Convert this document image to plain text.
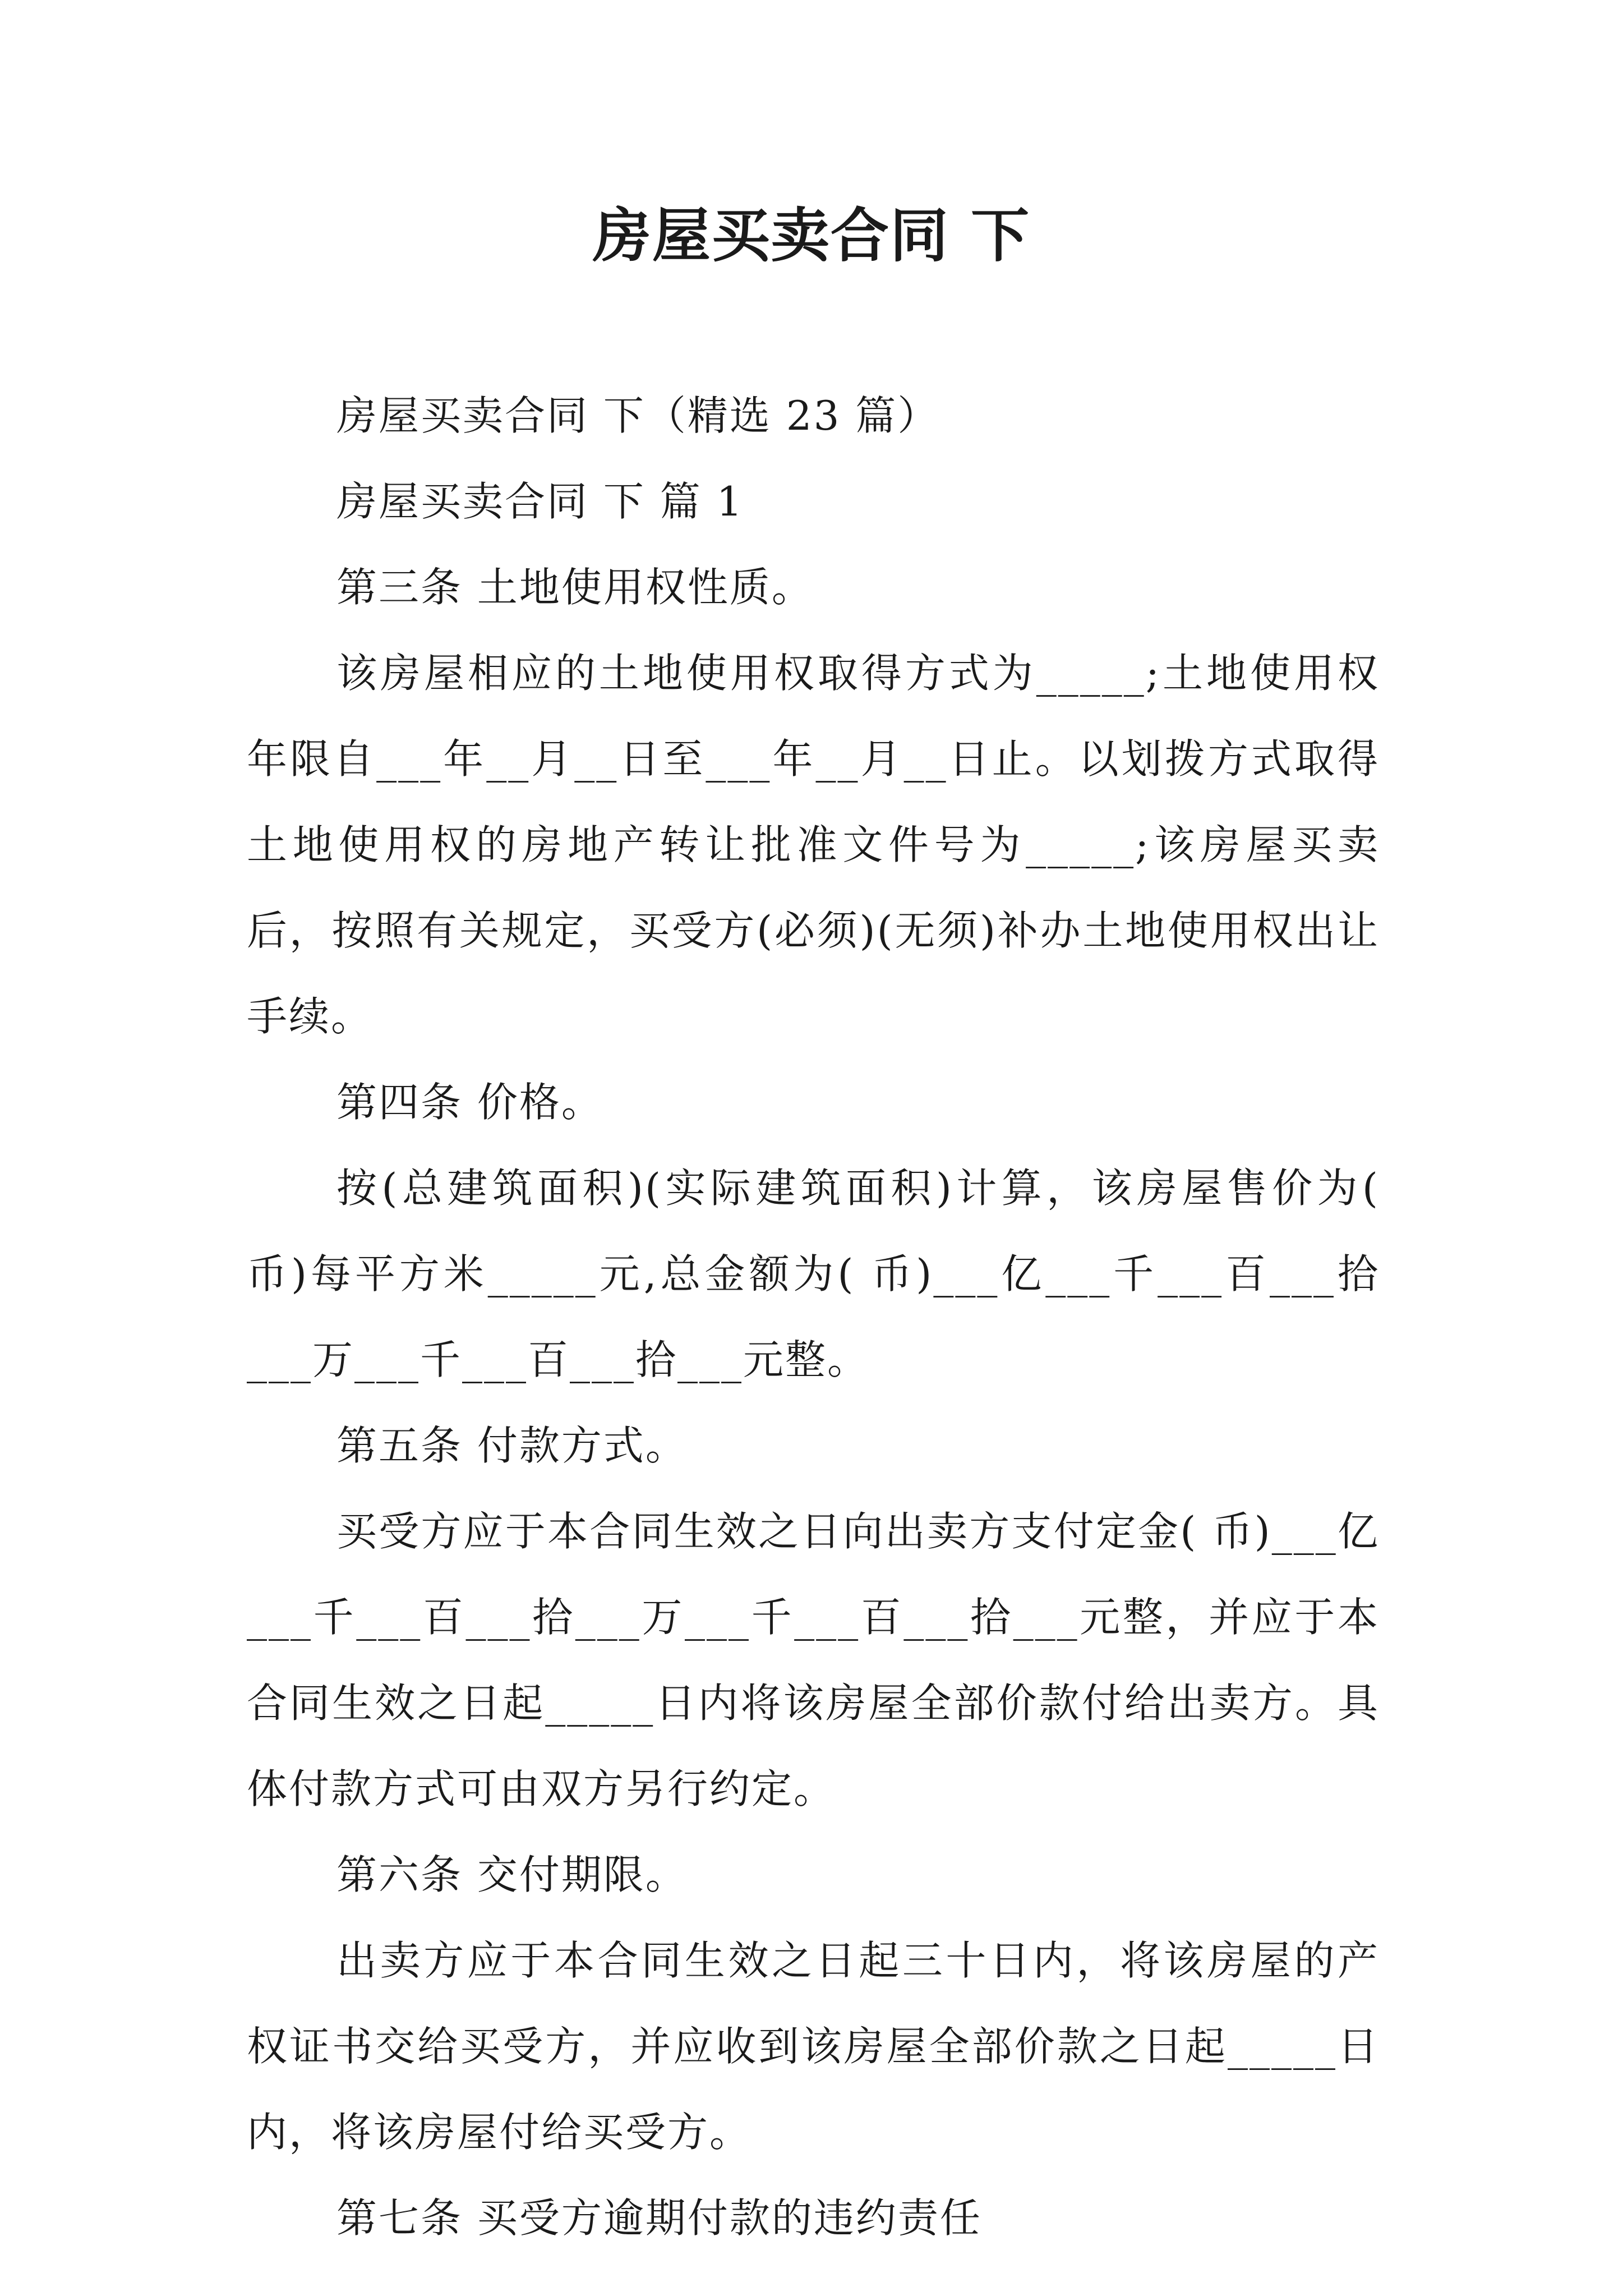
房屋买卖合同 下

房屋买卖合同 下（精选 23 篇）

房屋买卖合同 下 篇 1

第三条 土地使用权性质。

该房屋相应的土地使用权取得方式为_____;土地使用权年限自___年__月__日至___年__月__日止。以划拨方式取得土地使用权的房地产转让批准文件号为_____;该房屋买卖后，按照有关规定，买受方(必须)(无须)补办土地使用权出让手续。

第四条 价格。

按(总建筑面积)(实际建筑面积)计算，该房屋售价为( 币)每平方米_____元,总金额为( 币)___亿___千___百___拾___万___千___百___拾___元整。

第五条 付款方式。

买受方应于本合同生效之日向出卖方支付定金( 币)___亿___千___百___拾___万___千___百___拾___元整，并应于本合同生效之日起_____日内将该房屋全部价款付给出卖方。具体付款方式可由双方另行约定。

第六条 交付期限。

出卖方应于本合同生效之日起三十日内，将该房屋的产权证书交给买受方，并应收到该房屋全部价款之日起_____日内，将该房屋付给买受方。

第七条 买受方逾期付款的违约责任
